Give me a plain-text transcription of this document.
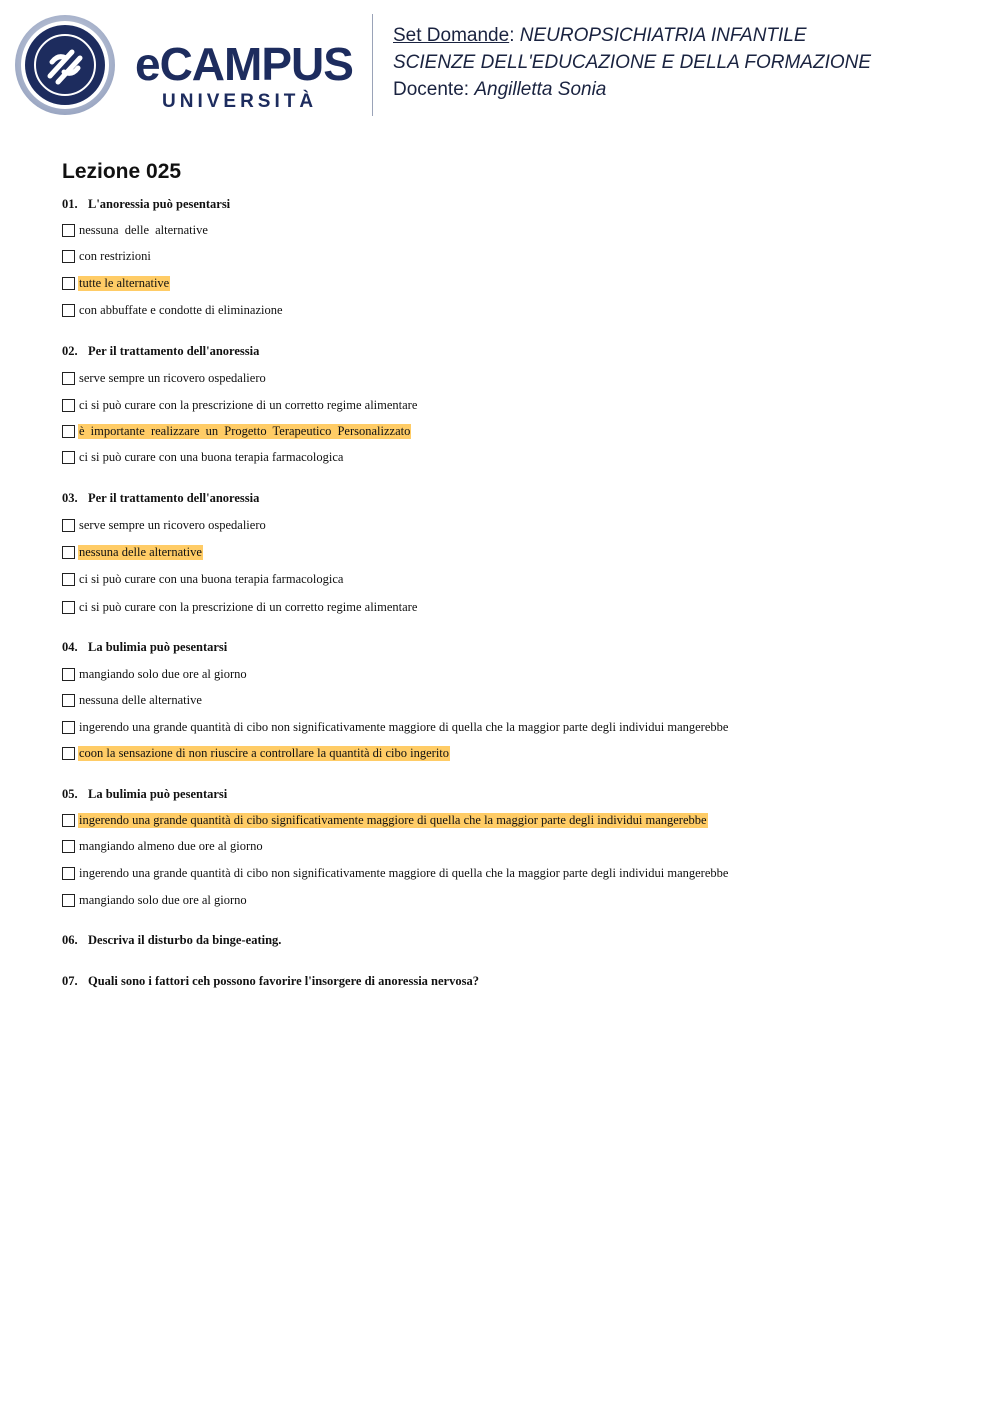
eCAMPUS
UNIVERSITÀ
Set Domande: NEUROPSICHIATRIA INFANTILE
SCIENZE DELL'EDUCAZIONE E DELLA FORMAZIONE
Docente: Angilletta Sonia
Lezione 025
01. L'anoressia può pesentarsi
nessuna delle alternative
con restrizioni
tutte le alternative
con abbuffate e condotte di eliminazione
02. Per il trattamento dell'anoressia
serve sempre un ricovero ospedaliero
ci si può curare con la prescrizione di un corretto regime alimentare
è importante realizzare un Progetto Terapeutico Personalizzato
ci si può curare con una buona terapia farmacologica
03. Per il trattamento dell'anoressia
serve sempre un ricovero ospedaliero
nessuna delle alternative
ci si può curare con una buona terapia farmacologica
ci si può curare con la prescrizione di un corretto regime alimentare
04. La bulimia può pesentarsi
mangiando solo due ore al giorno
nessuna delle alternative
ingerendo una grande quantità di cibo non significativamente maggiore di quella che la maggior parte degli individui mangerebbe
coon la sensazione di non riuscire a controllare la quantità di cibo ingerito
05. La bulimia può pesentarsi
ingerendo una grande quantità di cibo significativamente maggiore di quella che la maggior parte degli individui mangerebbe
mangiando almeno due ore al giorno
ingerendo una grande quantità di cibo non significativamente maggiore di quella che la maggior parte degli individui mangerebbe
mangiando solo due ore al giorno
06. Descriva il disturbo da binge-eating.
07. Quali sono i fattori ceh possono favorire l'insorgere di anoressia nervosa?
